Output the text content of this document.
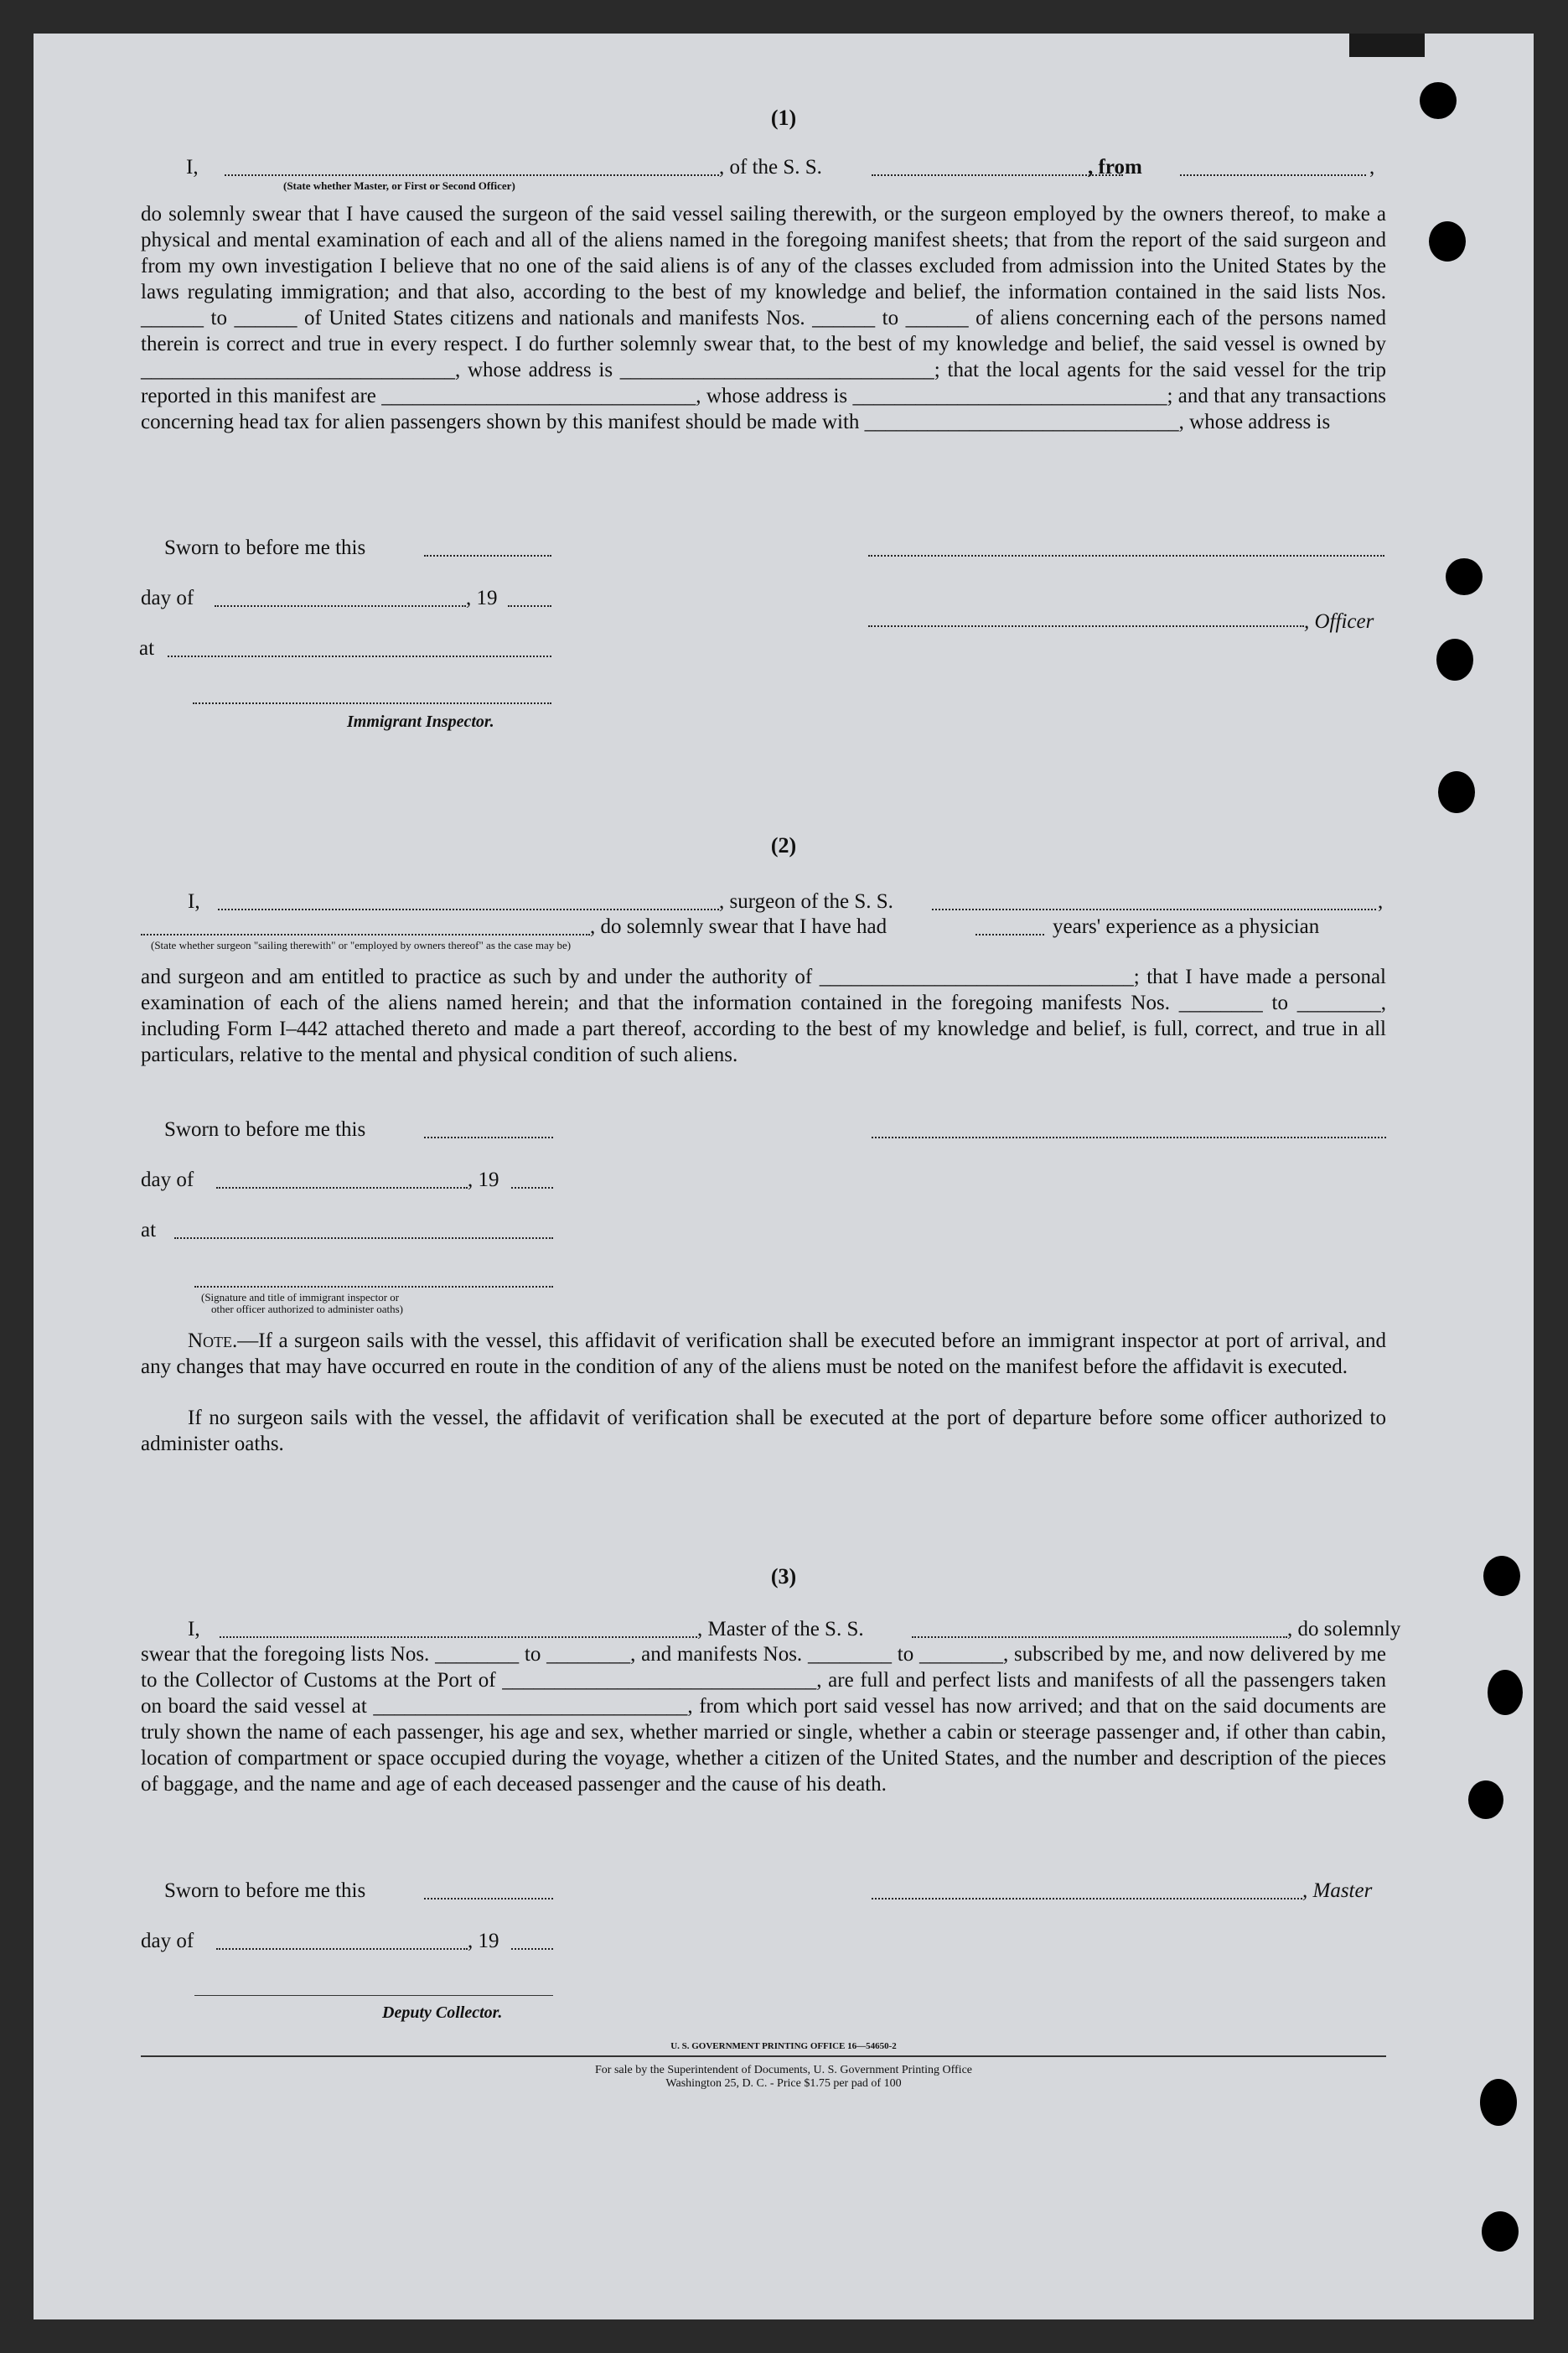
(1)
I,	, of the S. S.	, from	,
(State whether Master, or First or Second Officer)
do solemnly swear that I have caused the surgeon of the said vessel sailing therewith, or the surgeon employed by the owners thereof, to make a physical and mental examination of each and all of the aliens named in the foregoing manifest sheets; that from the report of the said surgeon and from my own investigation I believe that no one of the said aliens is of any of the classes excluded from admission into the United States by the laws regulating immigration; and that also, according to the best of my knowledge and belief, the information contained in the said lists Nos. ______ to ______ of United States citizens and nationals and manifests Nos. ______ to ______ of aliens concerning each of the persons named therein is correct and true in every respect. I do further solemnly swear that, to the best of my knowledge and belief, the said vessel is owned by ______________________________, whose address is ______________________________; that the local agents for the said vessel for the trip reported in this manifest are ______________________________, whose address is ______________________________; and that any transactions concerning head tax for alien passengers shown by this manifest should be made with ______________________________, whose address is
Sworn to before me this
day of	, 19
, Officer
at
Immigrant Inspector.
(2)
I,	, surgeon of the S. S.	,
, do solemnly swear that I have had	years' experience as a physician
(State whether surgeon "sailing therewith" or "employed by owners thereof" as the case may be)
and surgeon and am entitled to practice as such by and under the authority of ______________________________; that I have made a personal examination of each of the aliens named herein; and that the information contained in the foregoing manifests Nos. ________ to ________, including Form I–442 attached thereto and made a part thereof, according to the best of my knowledge and belief, is full, correct, and true in all particulars, relative to the mental and physical condition of such aliens.
Sworn to before me this
day of	, 19
at
(Signature and title of immigrant inspector or
other officer authorized to administer oaths)
Note.—If a surgeon sails with the vessel, this affidavit of verification shall be executed before an immigrant inspector at port of arrival, and any changes that may have occurred en route in the condition of any of the aliens must be noted on the manifest before the affidavit is executed.
If no surgeon sails with the vessel, the affidavit of verification shall be executed at the port of departure before some officer authorized to administer oaths.
(3)
I,	, Master of the S. S.	, do solemnly
swear that the foregoing lists Nos. ________ to ________, and manifests Nos. ________ to ________, subscribed by me, and now delivered by me to the Collector of Customs at the Port of ______________________________, are full and perfect lists and manifests of all the passengers taken on board the said vessel at ______________________________, from which port said vessel has now arrived; and that on the said documents are truly shown the name of each passenger, his age and sex, whether married or single, whether a cabin or steerage passenger and, if other than cabin, location of compartment or space occupied during the voyage, whether a citizen of the United States, and the number and description of the pieces of baggage, and the name and age of each deceased passenger and the cause of his death.
Sworn to before me this	, Master
day of	, 19
Deputy Collector.
U. S. GOVERNMENT PRINTING OFFICE 16—54650-2
For sale by the Superintendent of Documents, U. S. Government Printing Office
Washington 25, D. C. - Price $1.75 per pad of 100
